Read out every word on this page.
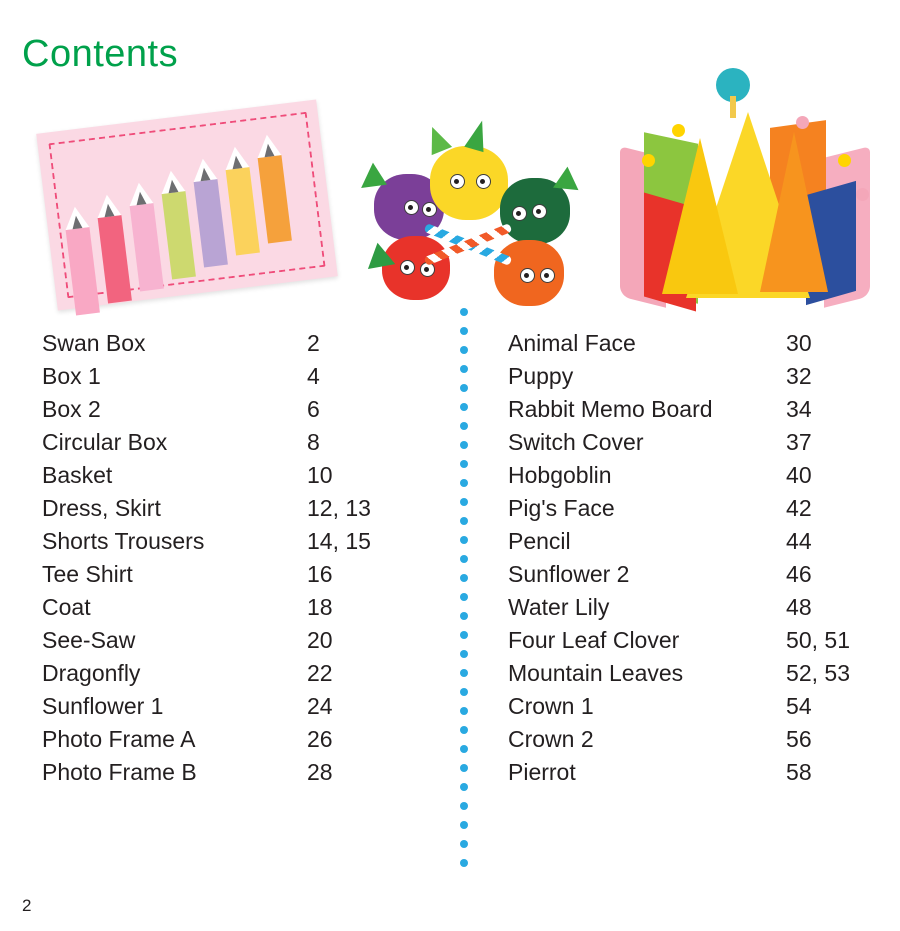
Contents
Swan Box	2
Box 1	4
Box 2	6
Circular Box	8
Basket	10
Dress, Skirt	12, 13
Shorts Trousers	14, 15
Tee Shirt	16
Coat	18
See-Saw	20
Dragonfly	22
Sunflower 1	24
Photo Frame A	26
Photo Frame B	28
Animal Face	30
Puppy	32
Rabbit Memo Board	34
Switch Cover	37
Hobgoblin	40
Pig's Face	42
Pencil	44
Sunflower 2	46
Water Lily	48
Four Leaf Clover	50, 51
Mountain Leaves	52, 53
Crown 1	54
Crown 2	56
Pierrot	58
2
